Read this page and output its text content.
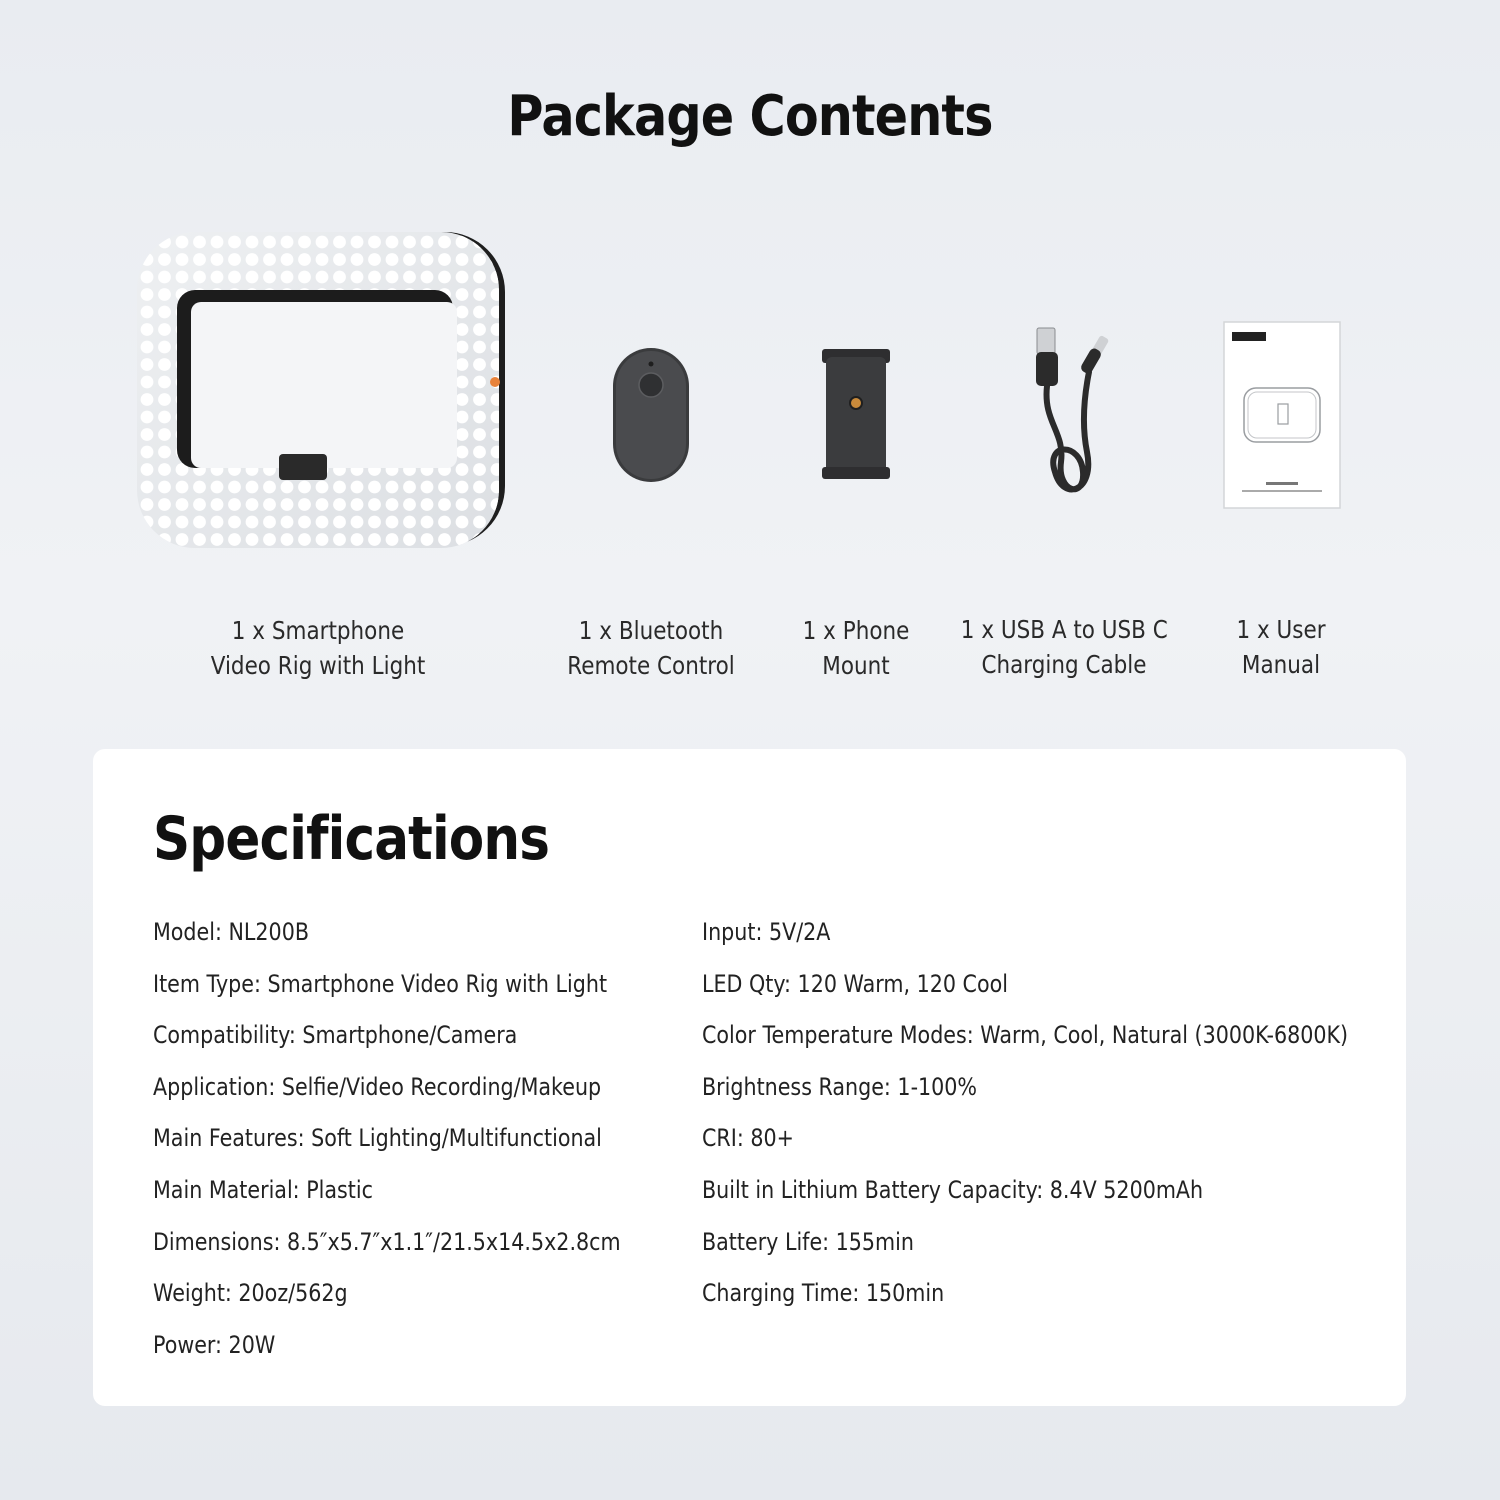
Package Contents
1 x Smartphone
Video Rig with Light
1 x Bluetooth
Remote Control
1 x Phone
Mount
1 x USB A to USB C
Charging Cable
1 x User
Manual
Specifications
Model: NL200B
Item Type: Smartphone Video Rig with Light
Compatibility: Smartphone/Camera
Application: Selfie/Video Recording/Makeup
Main Features: Soft Lighting/Multifunctional
Main Material: Plastic
Dimensions: 8.5″x5.7″x1.1″/21.5x14.5x2.8cm
Weight: 20oz/562g
Power: 20W
Input: 5V/2A
LED Qty: 120 Warm, 120 Cool
Color Temperature Modes: Warm, Cool, Natural (3000K-6800K)
Brightness Range: 1-100%
CRI: 80+
Built in Lithium Battery Capacity: 8.4V 5200mAh
Battery Life: 155min
Charging Time: 150min
